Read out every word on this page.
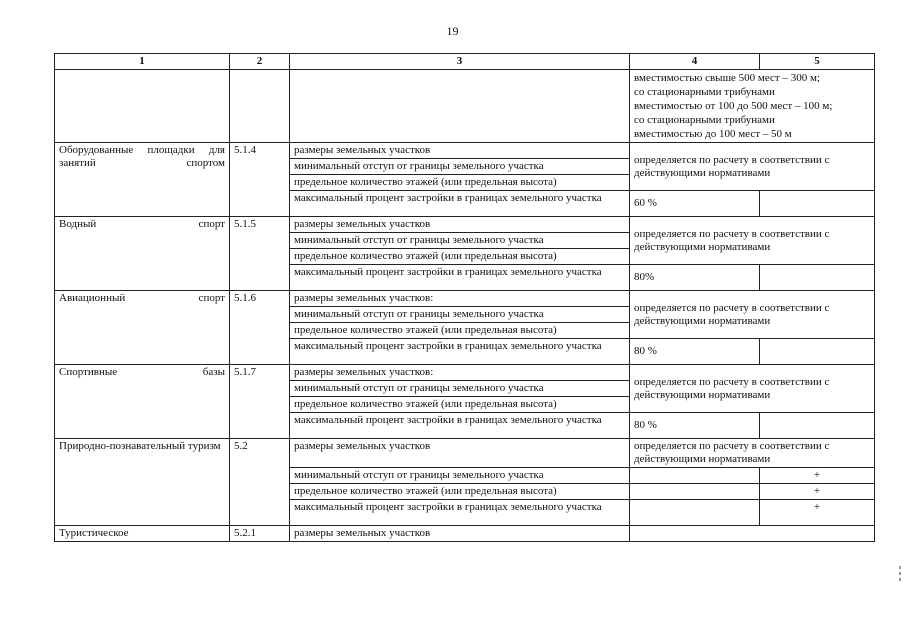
19
1	2	3	4	5
			вместимостью свыше 500 мест – 300 м;
со стационарными трибунами
вместимостью от 100 до 500 мест – 100 м;
со стационарными трибунами
вместимостью до 100 мест – 50 м	
Оборудованные площадки для занятий спортом	5.1.4	размеры земельных участков	определяется по расчету в соответствии с действующими нормативами	
		минимальный отступ от границы земельного участка		
		предельное количество этажей (или предельная высота)		
		максимальный процент застройки в границах земельного участка	60 %	
Водный спорт	5.1.5	размеры земельных участков	определяется по расчету в соответствии с действующими нормативами	
		минимальный отступ от границы земельного участка		
		предельное количество этажей (или предельная высота)		
		максимальный процент застройки в границах земельного участка	80%	
Авиационный спорт	5.1.6	размеры земельных участков:	определяется по расчету в соответствии с действующими нормативами	
		минимальный отступ от границы земельного участка		
		предельное количество этажей (или предельная высота)		
		максимальный процент застройки в границах земельного участка	80 %	
Спортивные базы	5.1.7	размеры земельных участков:	определяется по расчету в соответствии с действующими нормативами	
		минимальный отступ от границы земельного участка		
		предельное количество этажей (или предельная высота)		
		максимальный процент застройки в границах земельного участка	80 %	
Природно-познавательный туризм	5.2	размеры земельных участков	определяется по расчету в соответствии с действующими нормативами	
		минимальный отступ от границы земельного участка		+
		предельное количество этажей (или предельная высота)		+
		максимальный процент застройки в границах земельного участка		+
Туристическое	5.2.1	размеры земельных участков		
